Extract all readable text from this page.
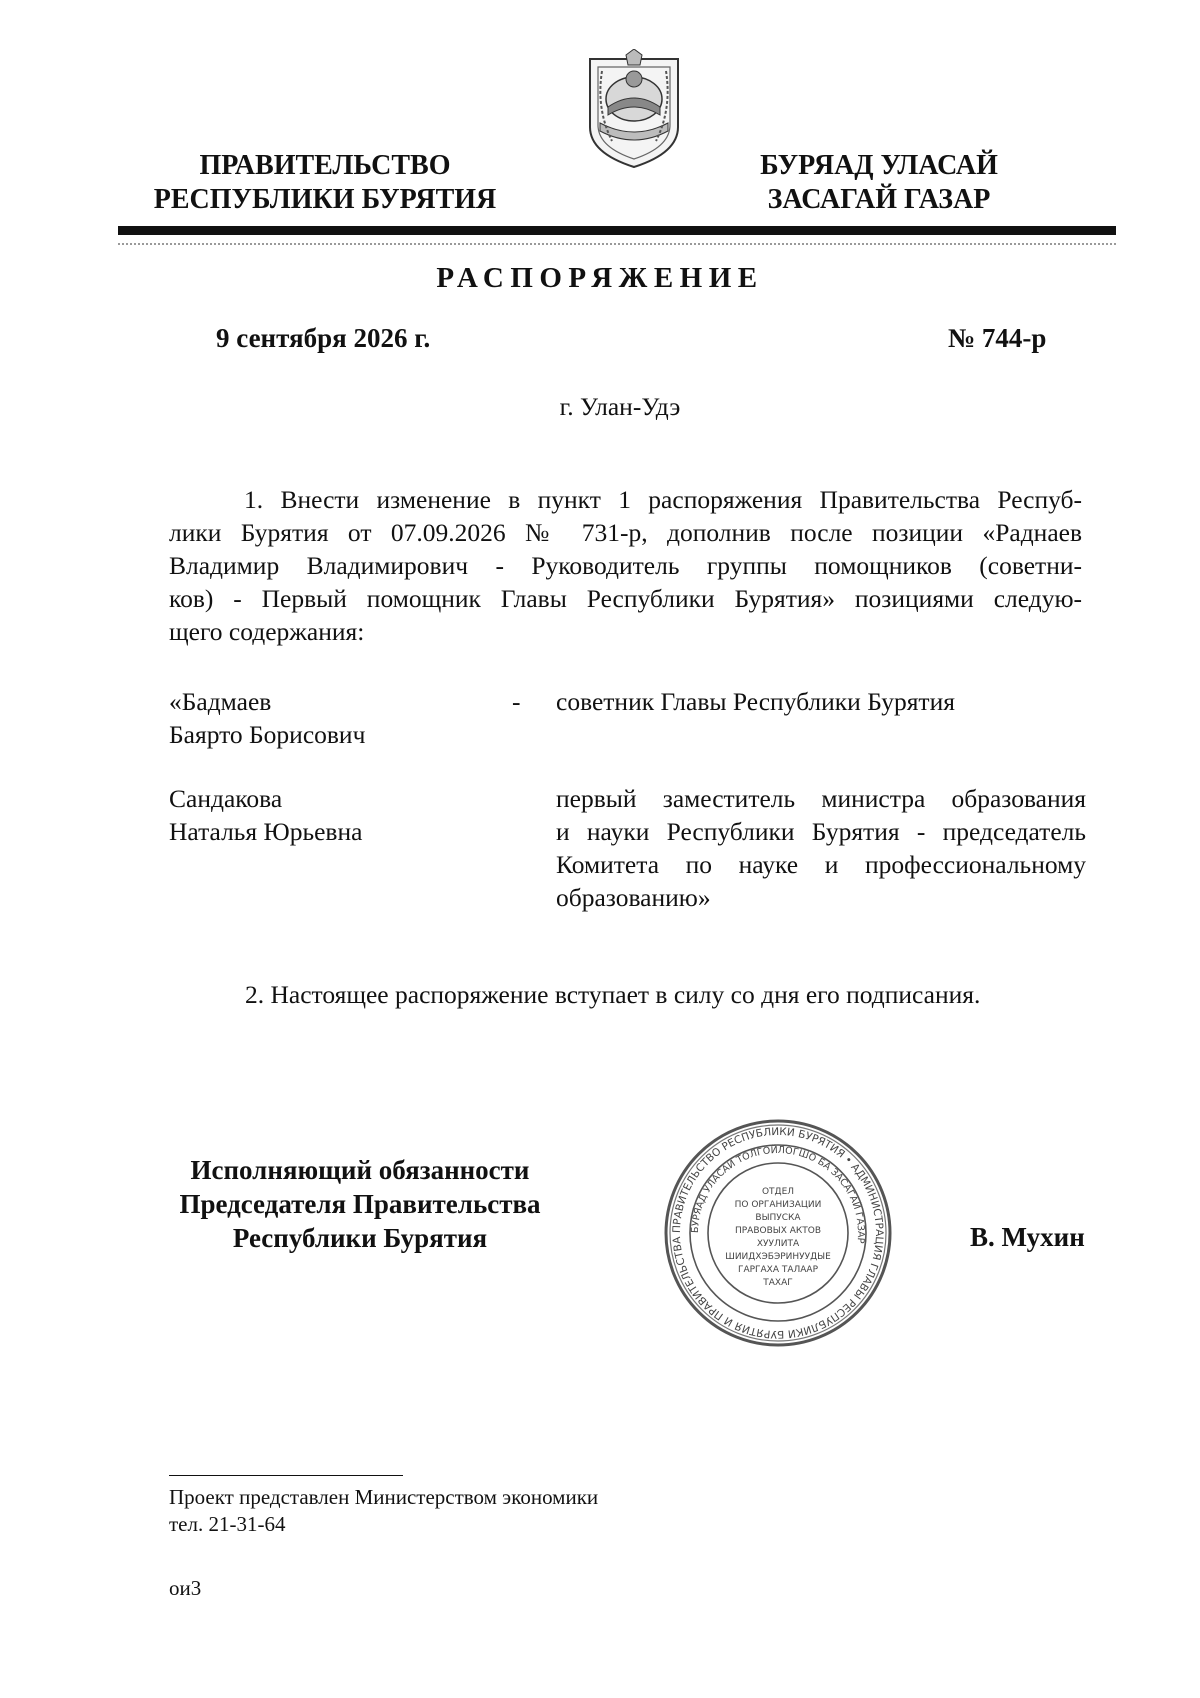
ПРАВИТЕЛЬСТВО
РЕСПУБЛИКИ БУРЯТИЯ
БУРЯАД УЛАСАЙ
ЗАСАГАЙ ГАЗАР
РАСПОРЯЖЕНИЕ
9 сентября 2026 г.	№ 744-р
г. Улан-Удэ
1. Внести изменение в пункт 1 распоряжения Правительства Респуб-
лики Бурятия от 07.09.2026 № 731-р, дополнив после позиции «Раднаев
Владимир Владимирович - Руководитель группы помощников (советни-
ков) - Первый помощник Главы Республики Бурятия» позициями следую-
щего содержания:
«Бадмаев
Баярто Борисович
- советник Главы Республики Бурятия
Сандакова
Наталья Юрьевна
первый заместитель министра образования
и науки Республики Бурятия - председатель
Комитета по науке и профессиональному
образованию»
2. Настоящее распоряжение вступает в силу со дня его подписания.
Исполняющий обязанности
Председателя Правительства
Республики Бурятия	В. Мухин
ПРАВИТЕЛЬСТВО РЕСПУБЛИКИ БУРЯТИЯ • АДМИНИСТРАЦИЯ ГЛАВЫ РЕСПУБЛИКИ БУРЯТИЯ И ПРАВИТЕЛЬСТВА
БУРЯАД УЛАСАЙ ТОЛГОЙЛОГШО БА ЗАСАГАЙ ГАЗАР
ОТДЕЛ
ПО ОРГАНИЗАЦИИ
ВЫПУСКА
ПРАВОВЫХ АКТОВ
ХУУЛИТА
ШИИДХЭБЭРИНУУДЫЕ
ГАРГАХА ТАЛААР
ТАХАГ
Проект представлен Министерством экономики
тел. 21-31-64
ои3
